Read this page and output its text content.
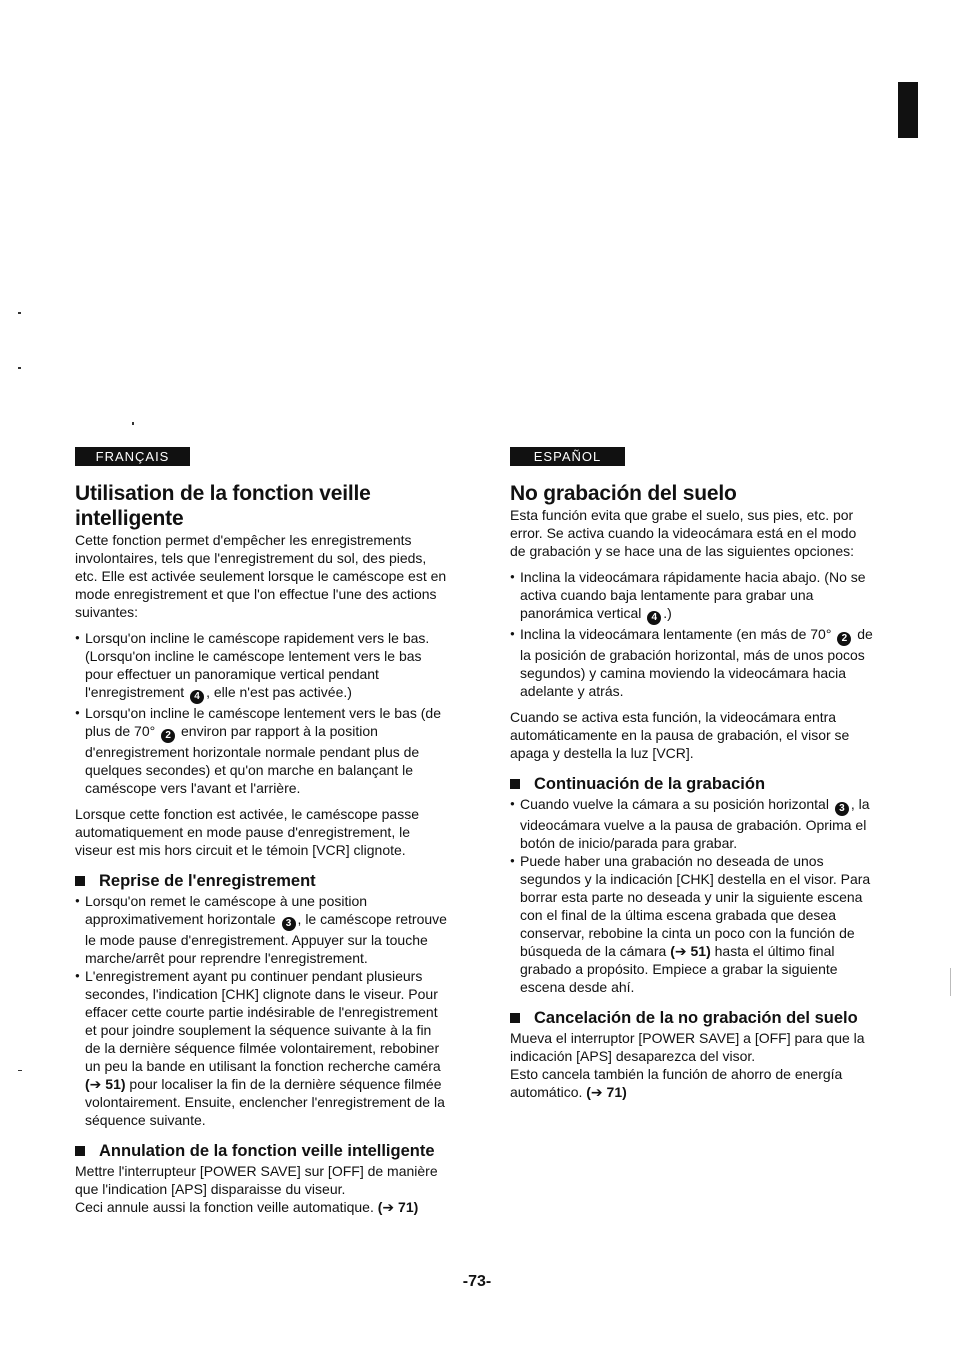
FRANÇAIS
Utilisation de la fonction veille intelligente

Cette fonction permet d'empêcher les enregistrements involontaires, tels que l'enregistrement du sol, des pieds, etc. Elle est activée seulement lorsque le caméscope est en mode enregistrement et que l'on effectue l'une des actions suivantes:

● Lorsqu'on incline le caméscope rapidement vers le bas. (Lorsqu'on incline le caméscope lentement vers le bas pour effectuer un panoramique vertical pendant l'enregistrement 4 , elle n'est pas activée.)
● Lorsqu'on incline le caméscope lentement vers le bas (de plus de 70° 2 environ par rapport à la position d'enregistrement horizontale normale pendant plus de quelques secondes) et qu'on marche en balançant le caméscope vers l'avant et l'arrière.

Lorsque cette fonction est activée, le caméscope passe automatiquement en mode pause d'enregistrement, le viseur est mis hors circuit et le témoin [VCR] clignote.

Reprise de l'enregistrement
● Lorsqu'on remet le caméscope à une position approximativement horizontale 3 , le caméscope retrouve le mode pause d'enregistrement. Appuyer sur la touche marche/arrêt pour reprendre l'enregistrement.
● L'enregistrement ayant pu continuer pendant plusieurs secondes, l'indication [CHK] clignote dans le viseur. Pour effacer cette courte partie indésirable de l'enregistrement et pour joindre souplement la séquence suivante à la fin de la dernière séquence filmée volontairement, rebobiner un peu la bande en utilisant la fonction recherche caméra (➔ 51) pour localiser la fin de la dernière séquence filmée volontairement. Ensuite, enclencher l'enregistrement de la séquence suivante.
Annulation de la fonction veille intelligente

Mettre l'interrupteur [POWER SAVE] sur [OFF] de manière que l'indication [APS] disparaisse du viseur.

Ceci annule aussi la fonction veille automatique. (➔ 71)

ESPAÑOL
No grabación del suelo

Esta función evita que grabe el suelo, sus pies, etc. por error. Se activa cuando la videocámara está en el modo de grabación y se hace una de las siguientes opciones:

● Inclina la videocámara rápidamente hacia abajo. (No se activa cuando baja lentamente para grabar una panorámica vertical 4 .)
● Inclina la videocámara lentamente (en más de 70° 2 de la posición de grabación horizontal, más de unos pocos segundos) y camina moviendo la videocámara hacia adelante y atrás.

Cuando se activa esta función, la videocámara entra automáticamente en la pausa de grabación, el visor se apaga y destella la luz [VCR].

Continuación de la grabación
● Cuando vuelve la cámara a su posición horizontal 3 , la videocámara vuelve a la pausa de grabación. Oprima el botón de inicio/parada para grabar.
● Puede haber una grabación no deseada de unos segundos y la indicación [CHK] destella en el visor. Para borrar esta parte no deseada y unir la siguiente escena con el final de la última escena grabada que desea conservar, rebobine la cinta un poco con la función de búsqueda de la cámara (➔ 51) hasta el último final grabado a propósito. Empiece a grabar la siguiente escena desde ahí.
Cancelación de la no grabación del suelo

Mueva el interruptor [POWER SAVE] a [OFF] para que la indicación [APS] desaparezca del visor.

Esto cancela también la función de ahorro de energía automático. (➔ 71)

-73-
